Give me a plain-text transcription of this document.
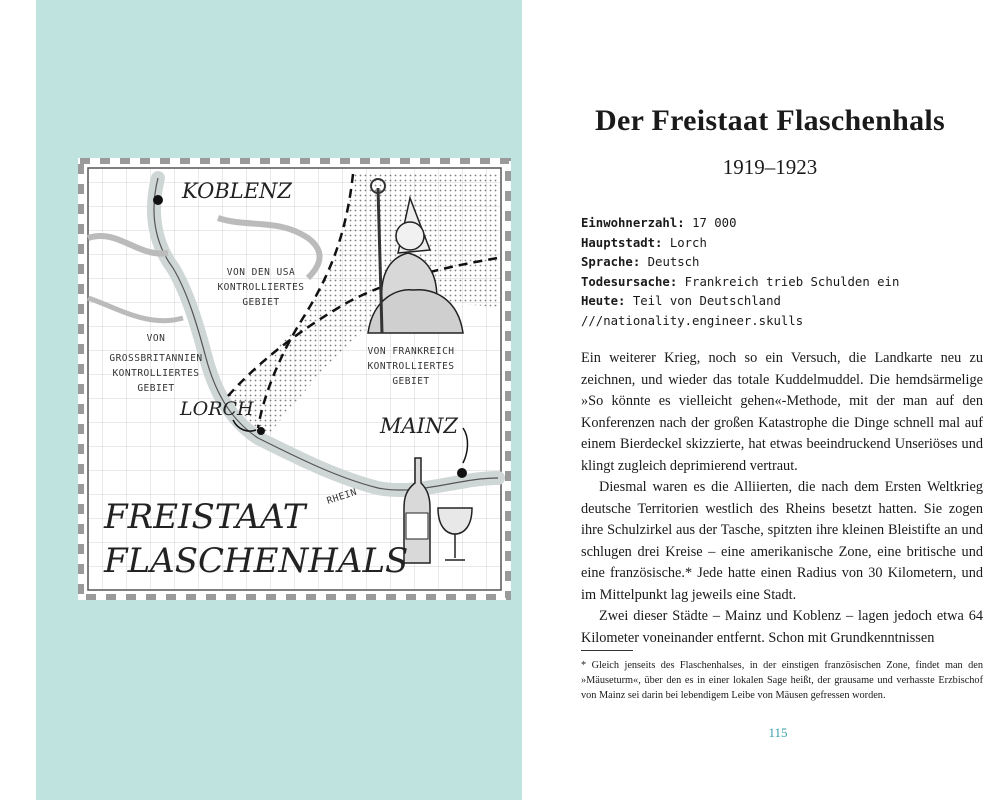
KOBLENZ
LORCH
MAINZ
VON DEN USA
KONTROLLIERTES
GEBIET
VON
GROSSBRITANNIEN
KONTROLLIERTES
GEBIET
VON FRANKREICH
KONTROLLIERTES
GEBIET
RHEIN
FREISTAAT
FLASCHENHALS
Der Freistaat Flaschenhals
1919–1923
Einwohnerzahl: 17 000
Hauptstadt: Lorch
Sprache: Deutsch
Todesursache: Frankreich trieb Schulden ein
Heute: Teil von Deutschland
///nationality.engineer.skulls

Ein weiterer Krieg, noch so ein Versuch, die Landkarte neu zu zeichnen, und wieder das totale Kuddelmuddel. Die hemdsärmelige »So könnte es vielleicht gehen«-Methode, mit der man auf den Konferenzen nach der großen Katastrophe die Dinge schnell mal auf einem Bierdeckel skizzierte, hat etwas beeindruckend Unseriöses und klingt zugleich deprimierend vertraut.

Diesmal waren es die Alliierten, die nach dem Ersten Weltkrieg deutsche Territorien westlich des Rheins besetzt hatten. Sie zogen ihre Schulzirkel aus der Tasche, spitzten ihre kleinen Bleistifte an und schlugen drei Kreise – eine amerikanische Zone, eine britische und eine französische.* Jede hatte einen Radius von 30 Kilometern, und im Mittelpunkt lag jeweils eine Stadt.

Zwei dieser Städte – Mainz und Koblenz – lagen jedoch etwa 64 Kilometer voneinander entfernt. Schon mit Grundkenntnissen

* Gleich jenseits des Flaschenhalses, in der einstigen französischen Zone, findet man den »Mäuseturm«, über den es in einer lokalen Sage heißt, der grausame und verhasste Erzbischof von Mainz sei darin bei lebendigem Leibe von Mäusen gefressen worden.
115
